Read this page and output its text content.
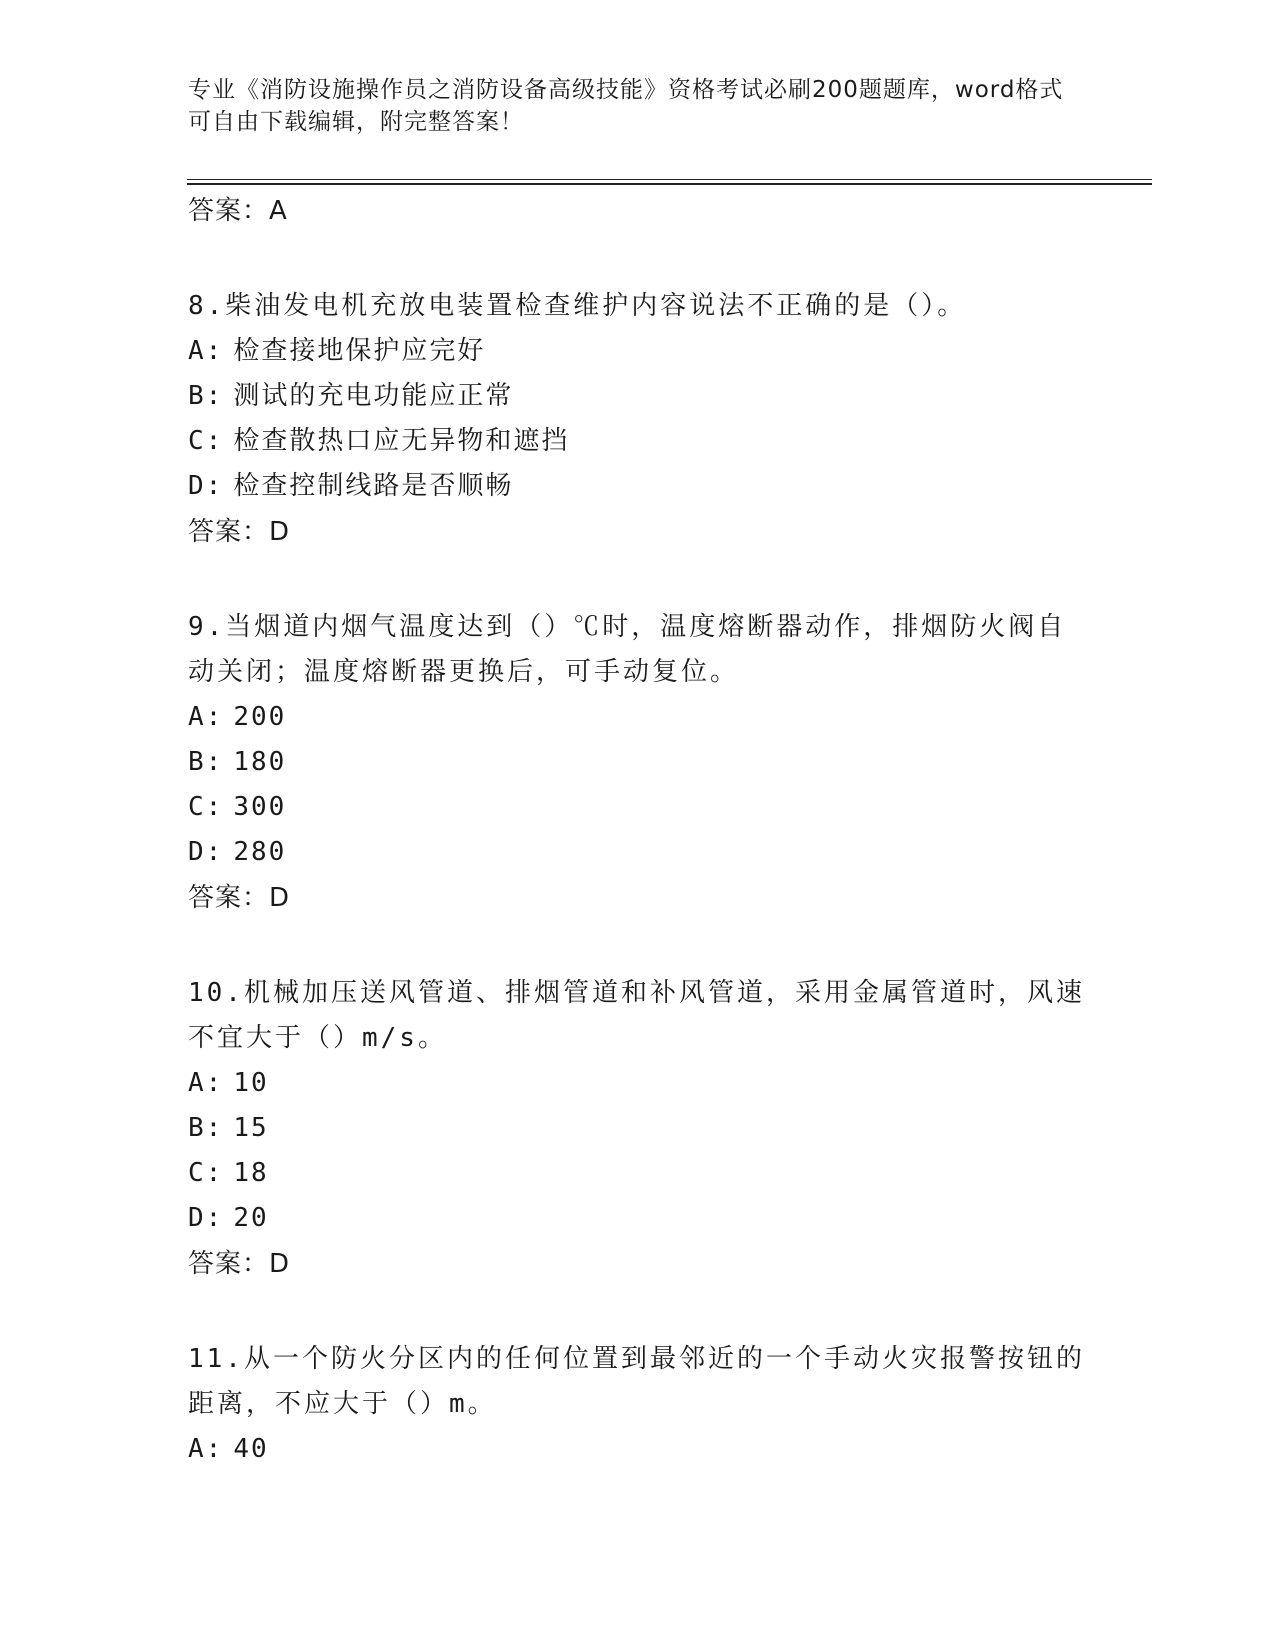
专业《消防设施操作员之消防设备高级技能》资格考试必刷200题题库，word格式可自由下载编辑，附完整答案！
答案：A
8.柴油发电机充放电装置检查维护内容说法不正确的是（）。
A: 检查接地保护应完好
B: 测试的充电功能应正常
C: 检查散热口应无异物和遮挡
D: 检查控制线路是否顺畅
答案：D
9.当烟道内烟气温度达到（）℃时，温度熔断器动作，排烟防火阀自动关闭；温度熔断器更换后，可手动复位。
A: 200
B: 180
C: 300
D: 280
答案：D
10.机械加压送风管道、排烟管道和补风管道，采用金属管道时，风速不宜大于（）m/s。
A: 10
B: 15
C: 18
D: 20
答案：D
11.从一个防火分区内的任何位置到最邻近的一个手动火灾报警按钮的距离，不应大于（）m。
A: 40
